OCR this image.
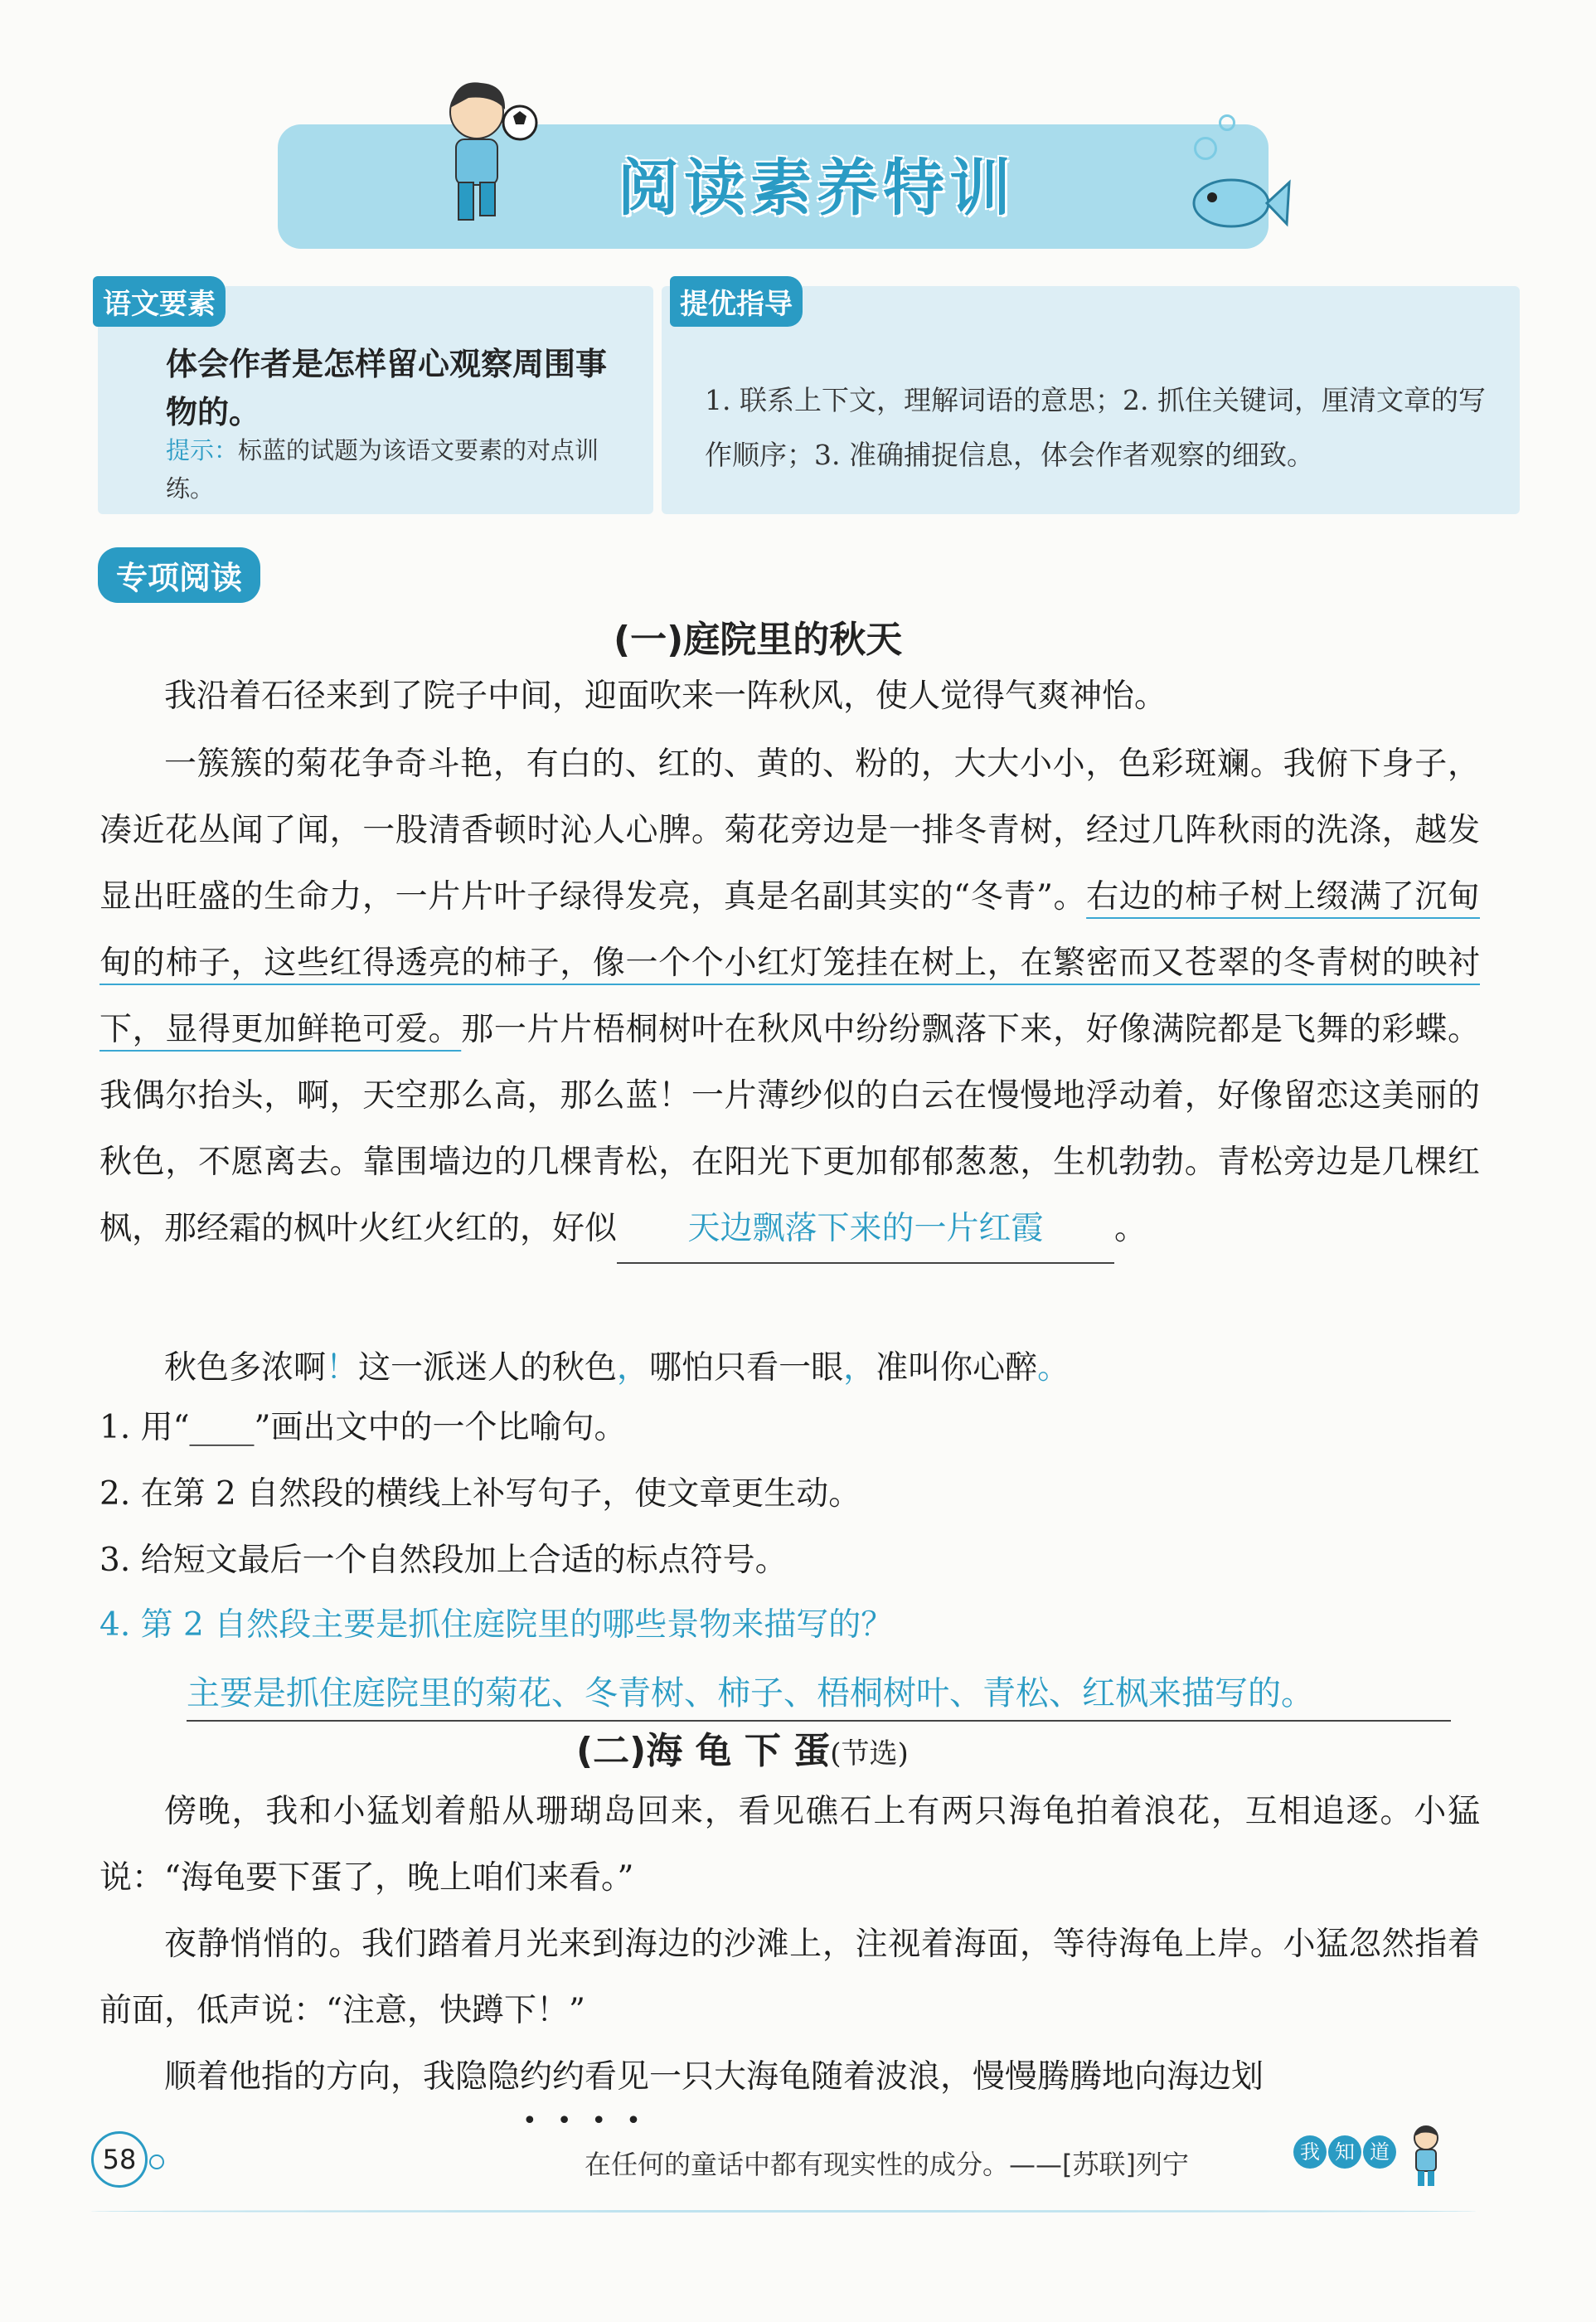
阅读素养特训
语文要素
体会作者是怎样留心观察周围事物的。
提示：标蓝的试题为该语文要素的对点训练。
提优指导
1. 联系上下文，理解词语的意思；2. 抓住关键词，厘清文章的写作顺序；3. 准确捕捉信息，体会作者观察的细致。
专项阅读
(一)庭院里的秋天
我沿着石径来到了院子中间，迎面吹来一阵秋风，使人觉得气爽神怡。
一簇簇的菊花争奇斗艳，有白的、红的、黄的、粉的，大大小小，色彩斑斓。我俯下身子，凑近花丛闻了闻，一股清香顿时沁人心脾。菊花旁边是一排冬青树，经过几阵秋雨的洗涤，越发显出旺盛的生命力，一片片叶子绿得发亮，真是名副其实的“冬青”。右边的柿子树上缀满了沉甸甸的柿子，这些红得透亮的柿子，像一个个小红灯笼挂在树上，在繁密而又苍翠的冬青树的映衬下，显得更加鲜艳可爱。那一片片梧桐树叶在秋风中纷纷飘落下来，好像满院都是飞舞的彩蝶。我偶尔抬头，啊，天空那么高，那么蓝！一片薄纱似的白云在慢慢地浮动着，好像留恋这美丽的秋色，不愿离去。靠围墙边的几棵青松，在阳光下更加郁郁葱葱，生机勃勃。青松旁边是几棵红枫，那经霜的枫叶火红火红的，好似 天边飘落下来的一片红霞 。
秋色多浓啊！这一派迷人的秋色，哪怕只看一眼，准叫你心醉。
1. 用“____”画出文中的一个比喻句。
2. 在第 2 自然段的横线上补写句子，使文章更生动。
3. 给短文最后一个自然段加上合适的标点符号。
4. 第 2 自然段主要是抓住庭院里的哪些景物来描写的？
主要是抓住庭院里的菊花、冬青树、柿子、梧桐树叶、青松、红枫来描写的。
(二)海 龟 下 蛋(节选)
傍晚，我和小猛划着船从珊瑚岛回来，看见礁石上有两只海龟拍着浪花，互相追逐。小猛说：“海龟要下蛋了，晚上咱们来看。”
夜静悄悄的。我们踏着月光来到海边的沙滩上，注视着海面，等待海龟上岸。小猛忽然指着前面，低声说：“注意，快蹲下！”
顺着他指的方向，我隐隐约约看见一只大海龟随着波浪，慢慢腾腾地向海边划
••••
58	在任何的童话中都有现实性的成分。——[苏联]列宁	我 知 道
